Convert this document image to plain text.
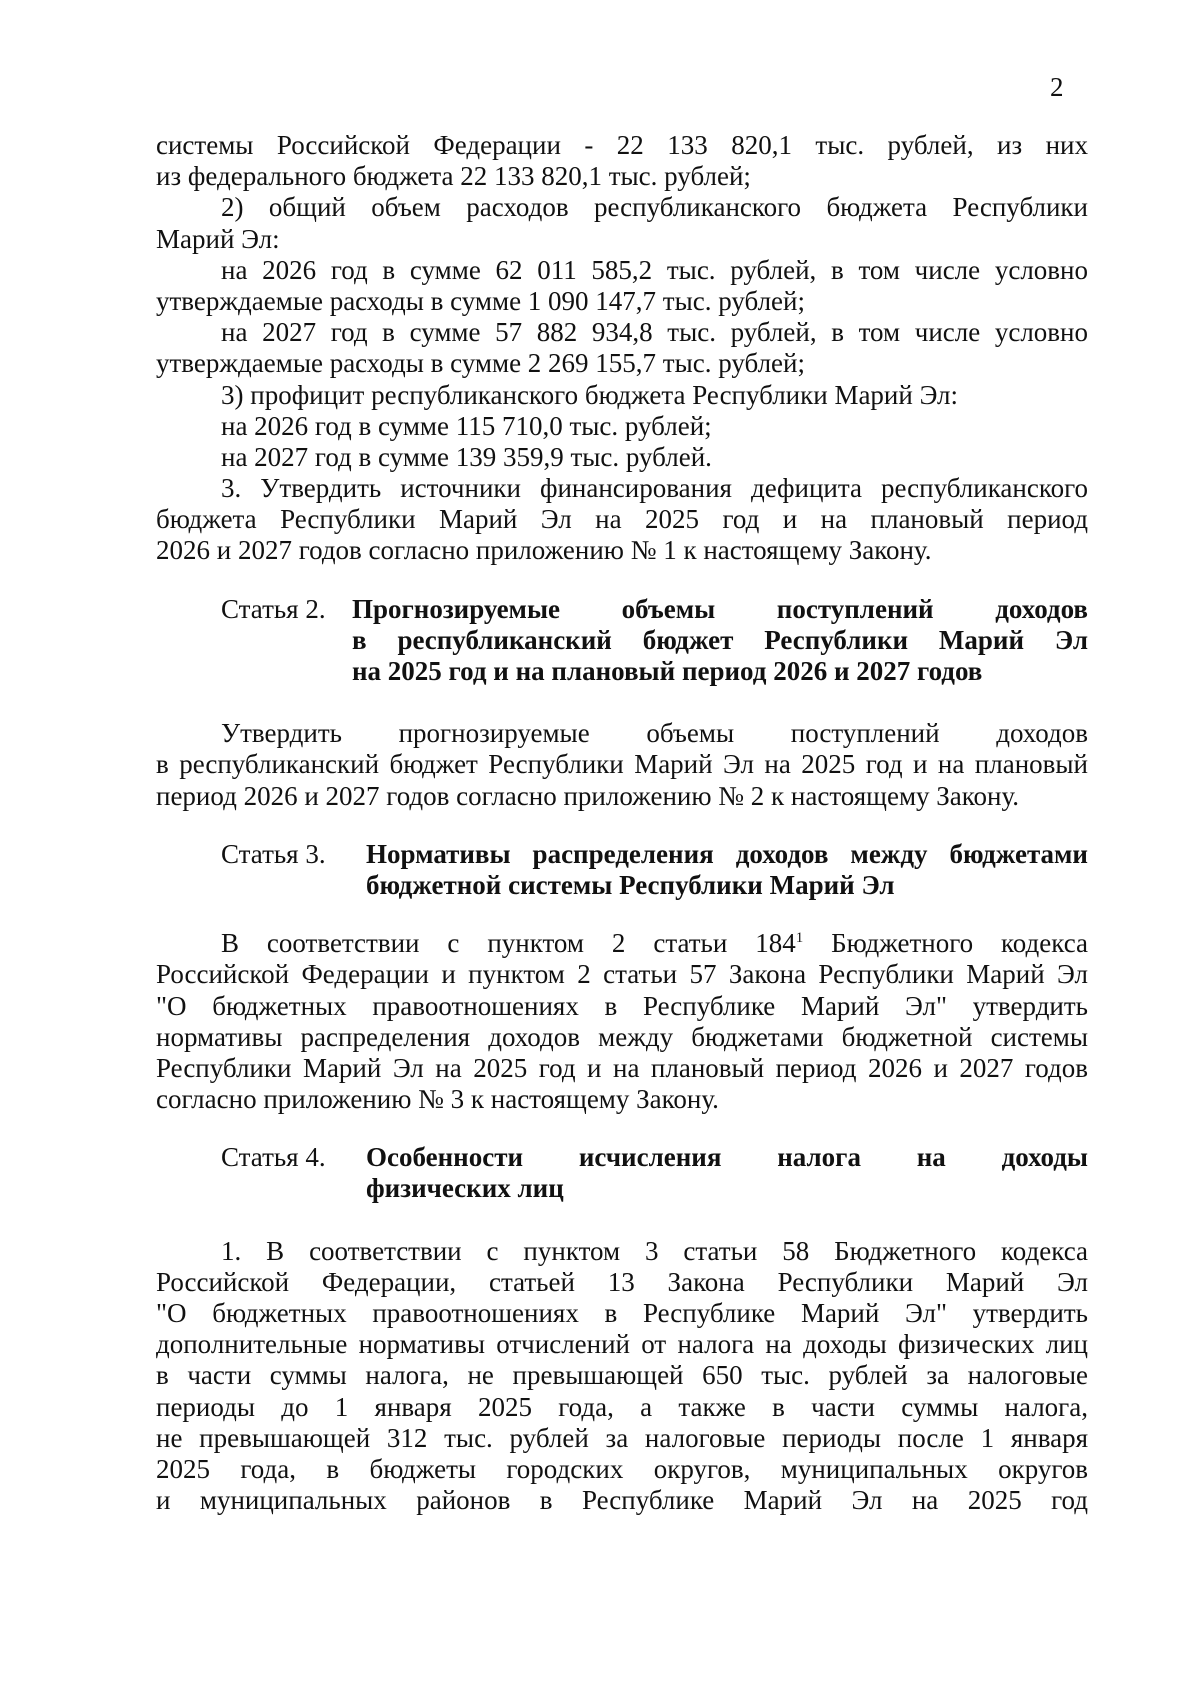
2
системы Российской Федерации - 22 133 820,1 тыс. рублей, из них
из федерального бюджета 22 133 820,1 тыс. рублей;
2) общий объем расходов республиканского бюджета Республики
Марий Эл:
на 2026 год в сумме 62 011 585,2 тыс. рублей, в том числе условно
утверждаемые расходы в сумме 1 090 147,7 тыс. рублей;
на 2027 год в сумме 57 882 934,8 тыс. рублей, в том числе условно
утверждаемые расходы в сумме 2 269 155,7 тыс. рублей;
3) профицит республиканского бюджета Республики Марий Эл:
на 2026 год в сумме 115 710,0 тыс. рублей;
на 2027 год в сумме 139 359,9 тыс. рублей.
3. Утвердить источники финансирования дефицита республиканского
бюджета Республики Марий Эл на 2025 год и на плановый период
2026 и 2027 годов согласно приложению № 1 к настоящему Закону.
Статья 2. Прогнозируемые объемы поступлений доходов
в республиканский бюджет Республики Марий Эл
на 2025 год и на плановый период 2026 и 2027 годов
Утвердить прогнозируемые объемы поступлений доходов
в республиканский бюджет Республики Марий Эл на 2025 год и на плановый
период 2026 и 2027 годов согласно приложению № 2 к настоящему Закону.
Статья 3. Нормативы распределения доходов между бюджетами
бюджетной системы Республики Марий Эл
В соответствии с пунктом 2 статьи $184^1$ Бюджетного кодекса
Российской Федерации и пунктом 2 статьи 57 Закона Республики Марий Эл
"О бюджетных правоотношениях в Республике Марий Эл" утвердить
нормативы распределения доходов между бюджетами бюджетной системы
Республики Марий Эл на 2025 год и на плановый период 2026 и 2027 годов
согласно приложению № 3 к настоящему Закону.
Статья 4. Особенности исчисления налога на доходы
физических лиц
1. В соответствии с пунктом 3 статьи 58 Бюджетного кодекса
Российской Федерации, статьей 13 Закона Республики Марий Эл
"О бюджетных правоотношениях в Республике Марий Эл" утвердить
дополнительные нормативы отчислений от налога на доходы физических лиц
в части суммы налога, не превышающей 650 тыс. рублей за налоговые
периоды до 1 января 2025 года, а также в части суммы налога,
не превышающей 312 тыс. рублей за налоговые периоды после 1 января
2025 года, в бюджеты городских округов, муниципальных округов
и муниципальных районов в Республике Марий Эл на 2025 год
